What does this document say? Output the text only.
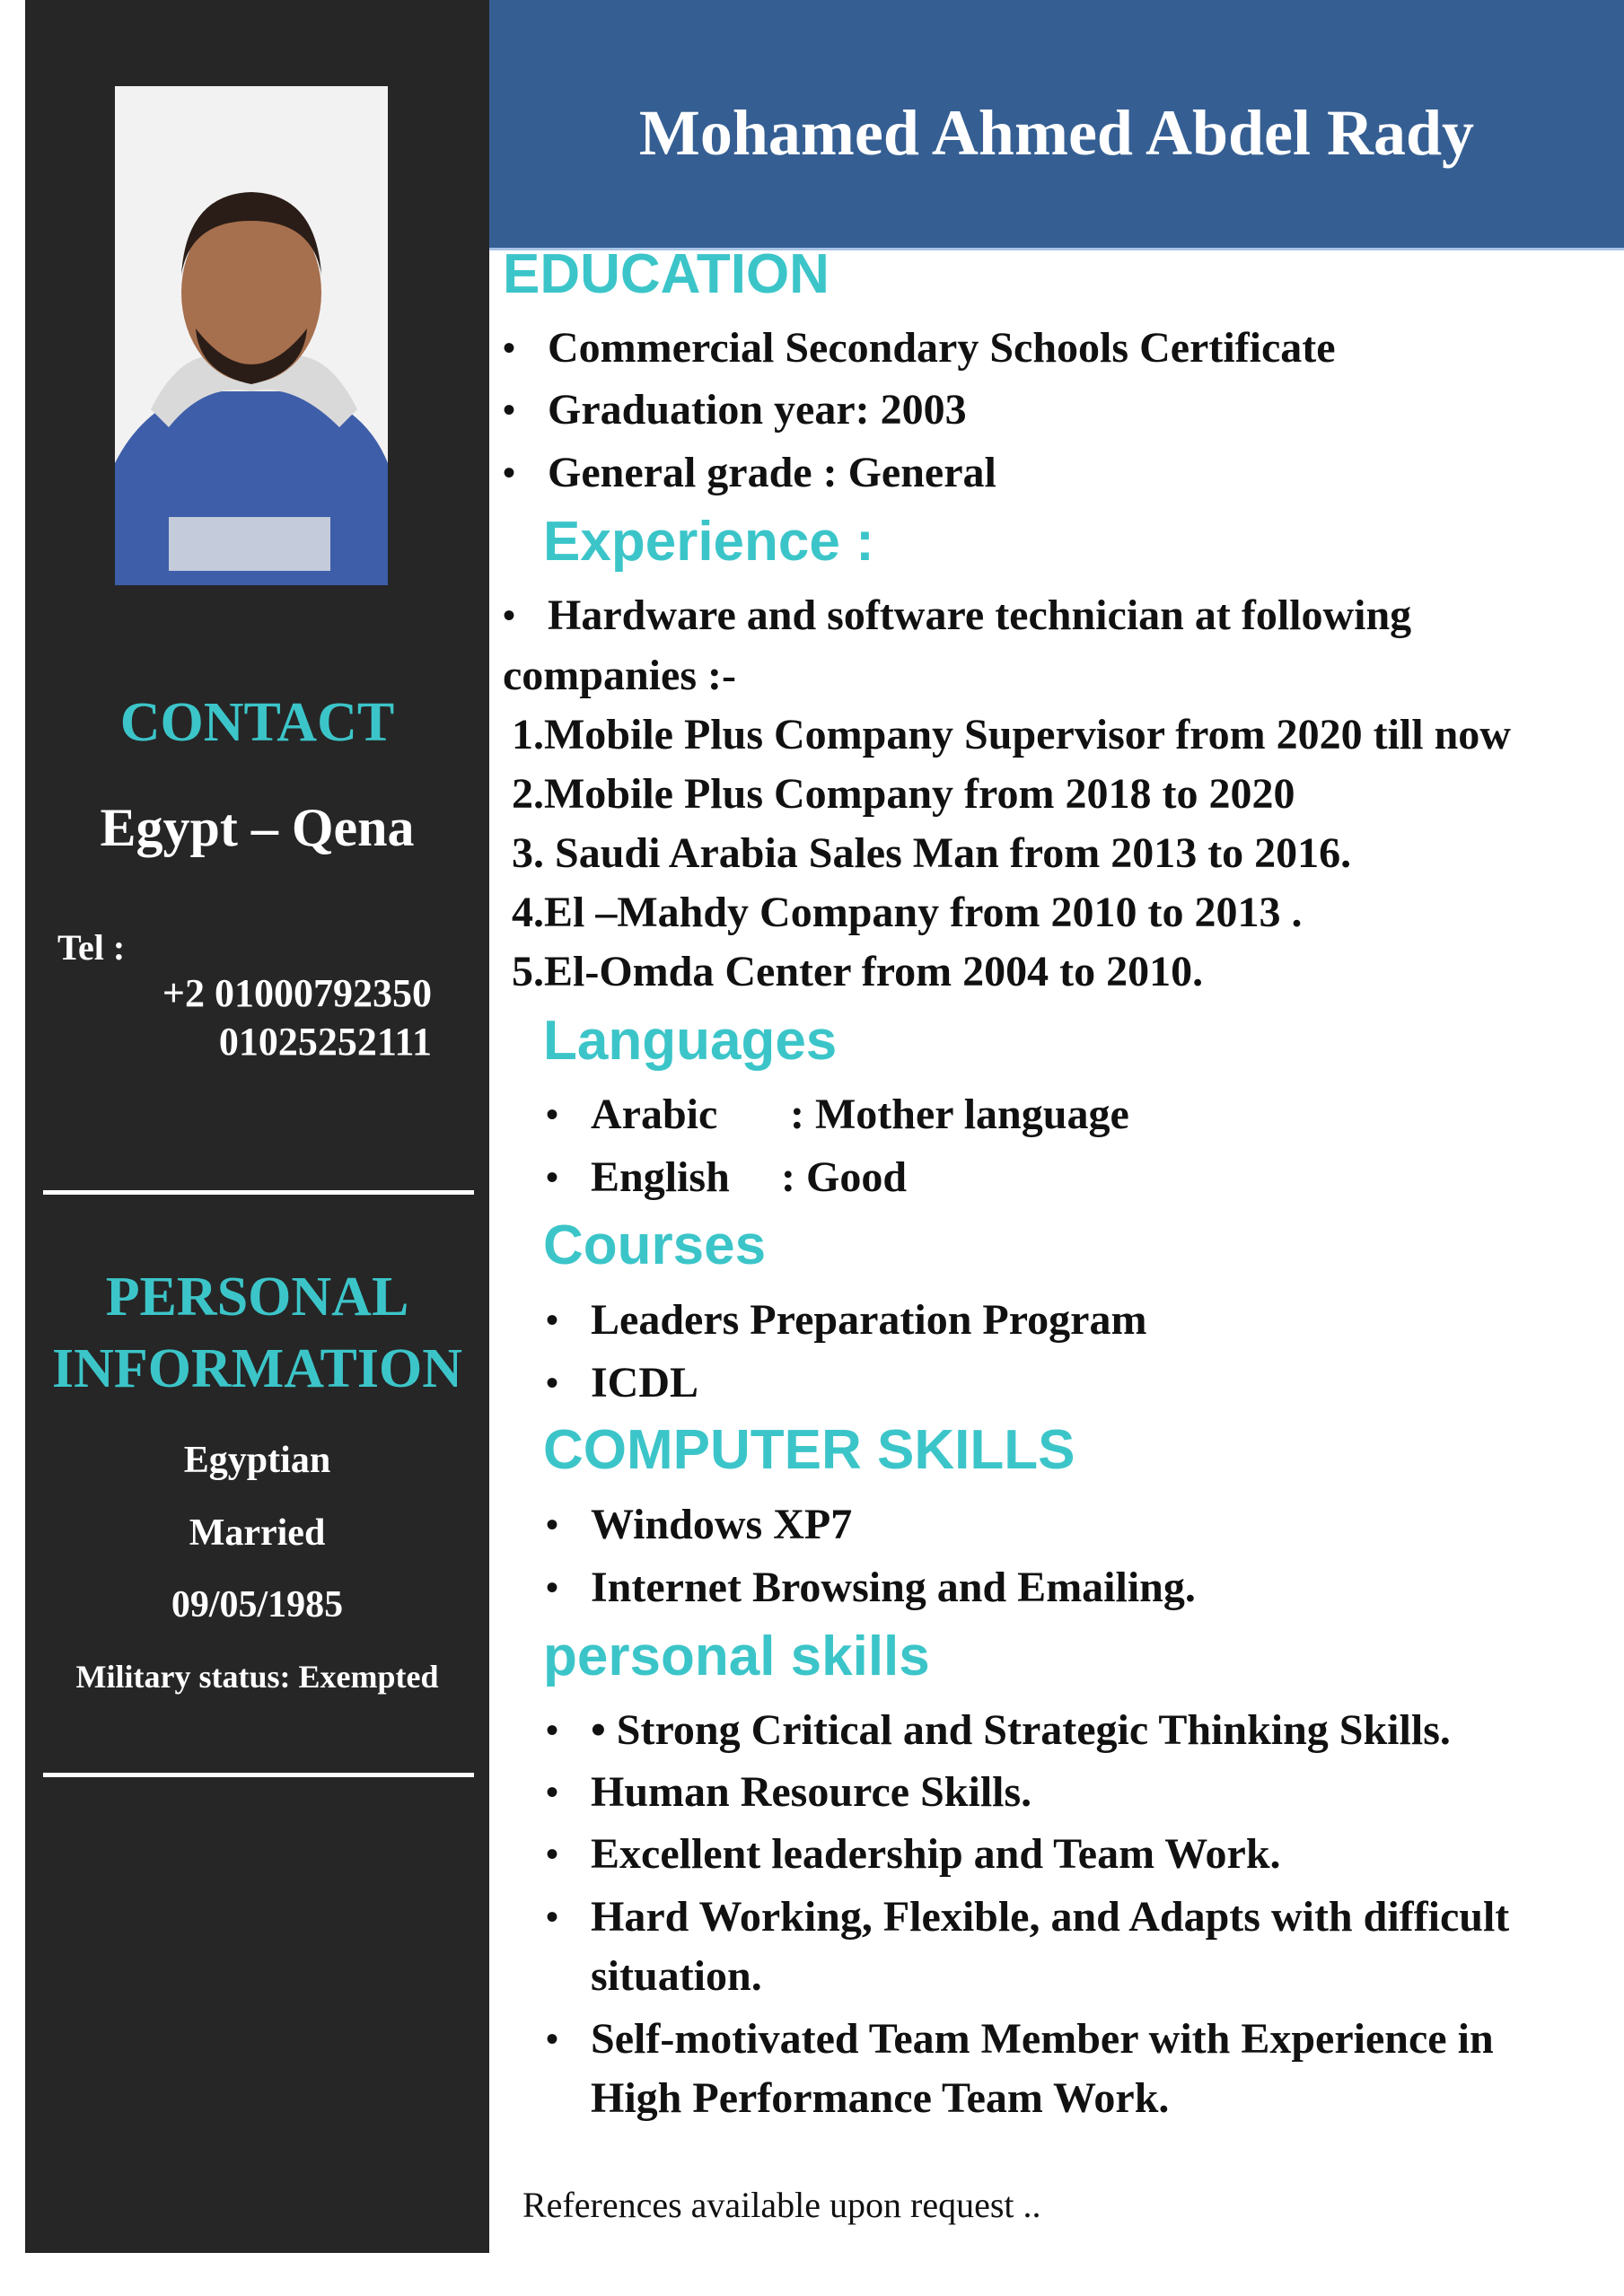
CONTACT
Egypt – Qena
Tel :
+2 01000792350
01025252111
PERSONAL
INFORMATION
Egyptian
Married
09/05/1985
Military status: Exempted
Mohamed Ahmed Abdel Rady
EDUCATION
• Commercial Secondary Schools Certificate
• Graduation year: 2003
• General grade : General
Experience :
• Hardware and software technician at following
companies :-
1.Mobile Plus Company Supervisor from 2020 till now
2.Mobile Plus Company from 2018 to 2020
3. Saudi Arabia Sales Man from 2013 to 2016.
4.El –Mahdy Company from 2010 to 2013 .
5.El-Omda Center from 2004 to 2010.
Languages
• Arabic : Mother language
• English : Good
Courses
• Leaders Preparation Program
• ICDL
COMPUTER SKILLS
• Windows XP7
• Internet Browsing and Emailing.
personal skills
• • Strong Critical and Strategic Thinking Skills.
• Human Resource Skills.
• Excellent leadership and Team Work.
• Hard Working, Flexible, and Adapts with difficult
situation.
• Self-motivated Team Member with Experience in
High Performance Team Work.
References available upon request ..
